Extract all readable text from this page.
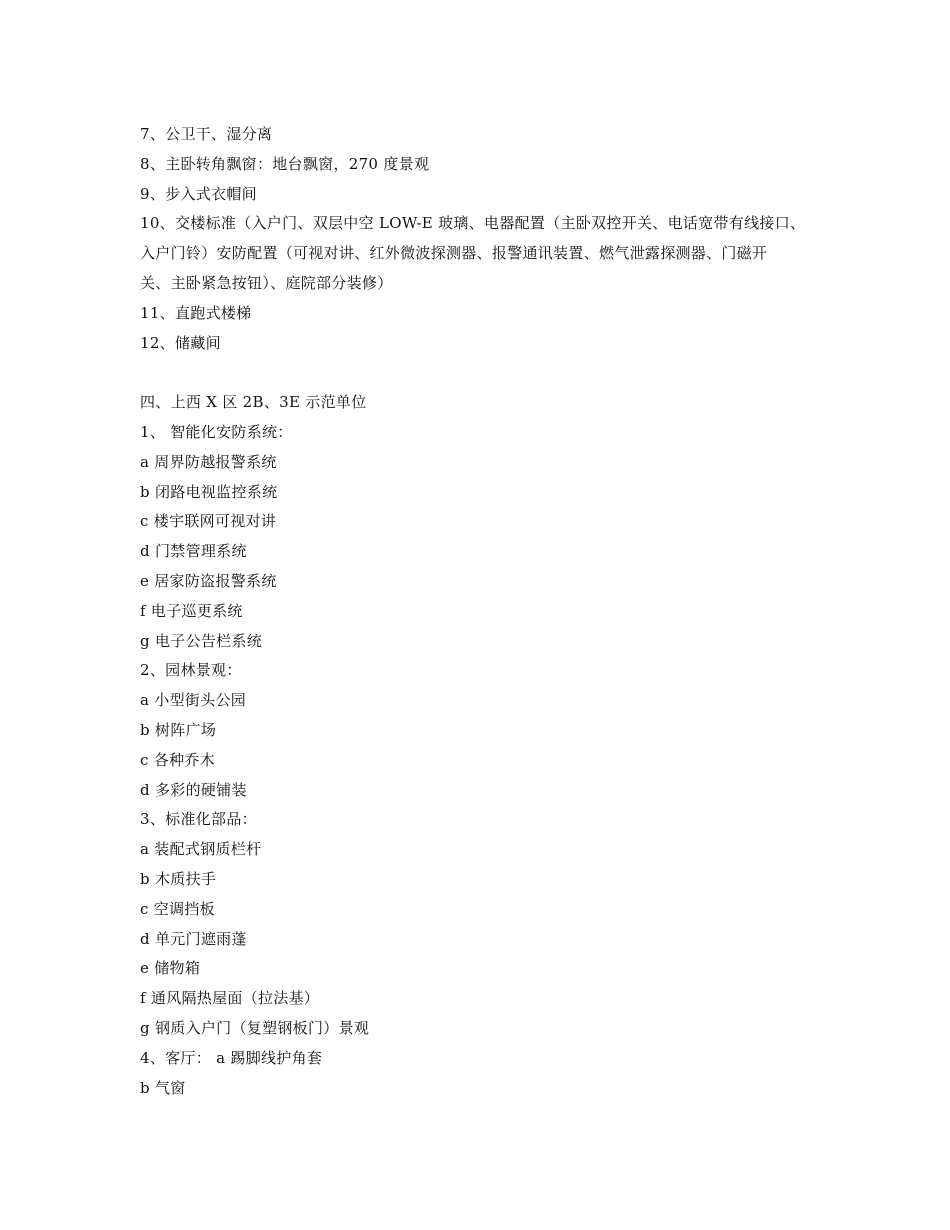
7、公卫干、湿分离
8、主卧转角飘窗：地台飘窗，270 度景观
9、步入式衣帽间
10、交楼标准（入户门、双层中空 LOW-E 玻璃、电器配置（主卧双控开关、电话宽带有线接口、
入户门铃）安防配置（可视对讲、红外微波探测器、报警通讯装置、燃气泄露探测器、门磁开
关、主卧紧急按钮）、庭院部分装修）
11、直跑式楼梯
12、储藏间
四、上西 X 区 2B、3E 示范单位
1、 智能化安防系统：
a 周界防越报警系统
b 闭路电视监控系统
c 楼宇联网可视对讲
d 门禁管理系统
e 居家防盗报警系统
f 电子巡更系统
g 电子公告栏系统
2、园林景观：
a 小型街头公园
b 树阵广场
c 各种乔木
d 多彩的硬铺装
3、标准化部品：
a 装配式钢质栏杆
b 木质扶手
c 空调挡板
d 单元门遮雨蓬
e 储物箱
f 通风隔热屋面（拉法基）
g 钢质入户门（复塑钢板门）景观
4、客厅： a 踢脚线护角套
b 气窗
